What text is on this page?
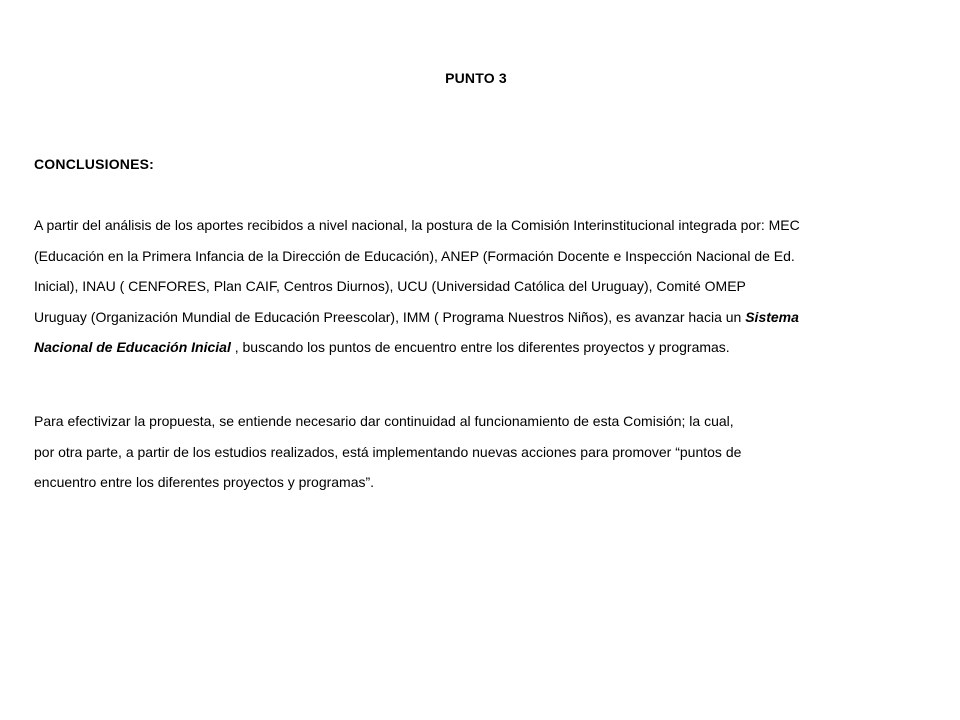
PUNTO 3
CONCLUSIONES:
A partir del análisis de los aportes recibidos a nivel nacional, la postura de la Comisión Interinstitucional integrada por: MEC
(Educación en la Primera Infancia de la Dirección de Educación), ANEP (Formación Docente e Inspección Nacional de Ed.
Inicial), INAU ( CENFORES, Plan CAIF, Centros Diurnos), UCU (Universidad Católica del Uruguay), Comité OMEP
Uruguay (Organización Mundial de Educación Preescolar), IMM ( Programa Nuestros Niños), es avanzar hacia un Sistema
Nacional de Educación Inicial , buscando los puntos de encuentro entre los diferentes proyectos y programas.
Para efectivizar la propuesta, se entiende necesario dar continuidad al funcionamiento de esta Comisión; la cual,
por otra parte, a partir de los estudios realizados, está implementando nuevas acciones para promover “puntos de
encuentro entre los diferentes proyectos y programas”.
